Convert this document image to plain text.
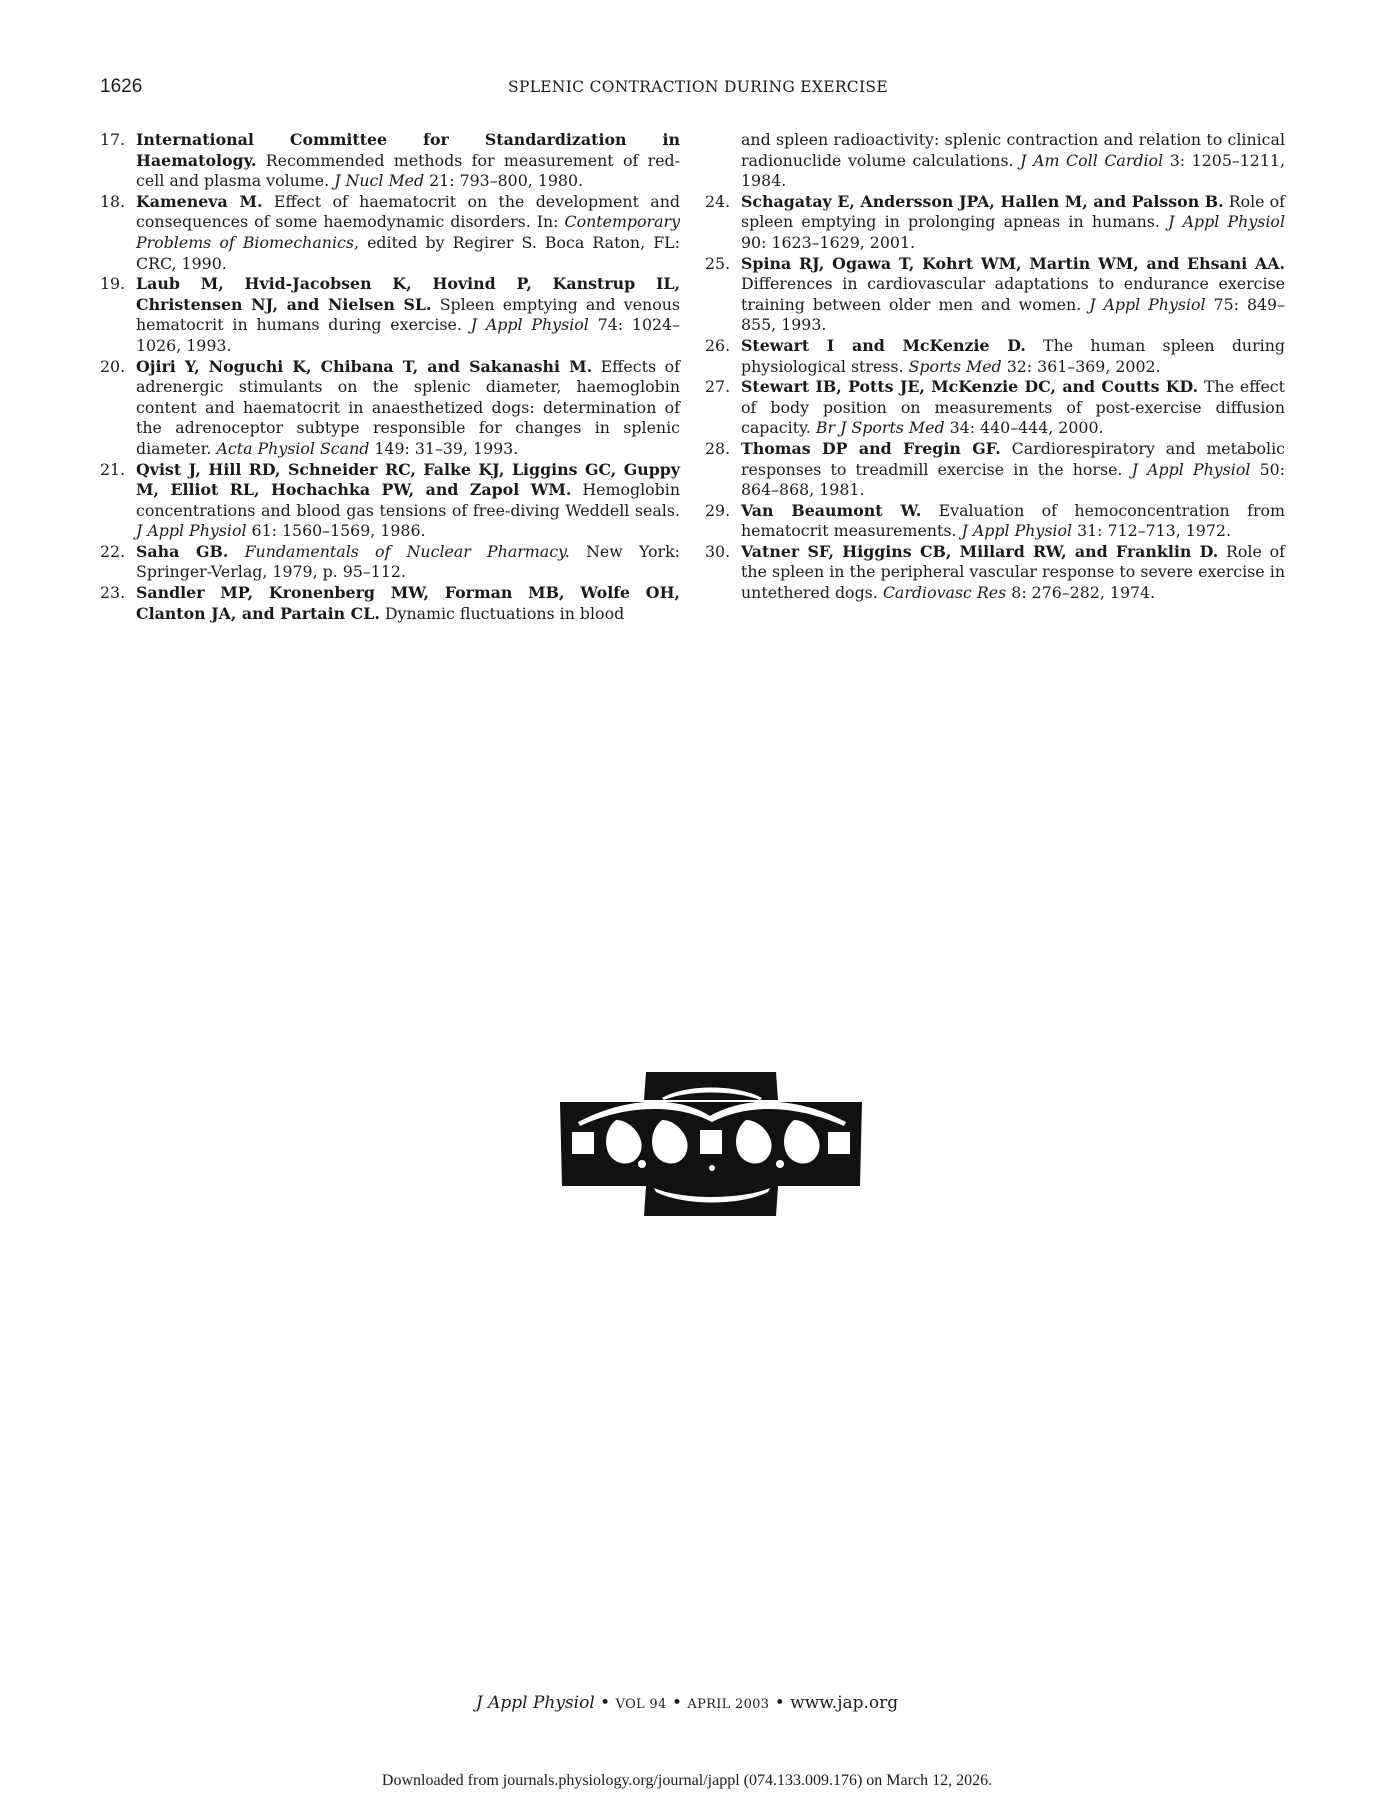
1626	SPLENIC CONTRACTION DURING EXERCISE

17. International Committee for Standardization in Haematology. Recommended methods for measurement of red-cell and plasma volume. J Nucl Med 21: 793–800, 1980.

18. Kameneva M. Effect of haematocrit on the development and consequences of some haemodynamic disorders. In: Contemporary Problems of Biomechanics, edited by Regirer S. Boca Raton, FL: CRC, 1990.

19. Laub M, Hvid-Jacobsen K, Hovind P, Kanstrup IL, Christensen NJ, and Nielsen SL. Spleen emptying and venous hematocrit in humans during exercise. J Appl Physiol 74: 1024–1026, 1993.

20. Ojiri Y, Noguchi K, Chibana T, and Sakanashi M. Effects of adrenergic stimulants on the splenic diameter, haemoglobin content and haematocrit in anaesthetized dogs: determination of the adrenoceptor subtype responsible for changes in splenic diameter. Acta Physiol Scand 149: 31–39, 1993.

21. Qvist J, Hill RD, Schneider RC, Falke KJ, Liggins GC, Guppy M, Elliot RL, Hochachka PW, and Zapol WM. Hemoglobin concentrations and blood gas tensions of free-diving Weddell seals. J Appl Physiol 61: 1560–1569, 1986.

22. Saha GB. Fundamentals of Nuclear Pharmacy. New York: Springer-Verlag, 1979, p. 95–112.

23. Sandler MP, Kronenberg MW, Forman MB, Wolfe OH, Clanton JA, and Partain CL. Dynamic fluctuations in blood

and spleen radioactivity: splenic contraction and relation to clinical radionuclide volume calculations. J Am Coll Cardiol 3: 1205–1211, 1984.

24. Schagatay E, Andersson JPA, Hallen M, and Palsson B. Role of spleen emptying in prolonging apneas in humans. J Appl Physiol 90: 1623–1629, 2001.

25. Spina RJ, Ogawa T, Kohrt WM, Martin WM, and Ehsani AA. Differences in cardiovascular adaptations to endurance exercise training between older men and women. J Appl Physiol 75: 849–855, 1993.

26. Stewart I and McKenzie D. The human spleen during physiological stress. Sports Med 32: 361–369, 2002.

27. Stewart IB, Potts JE, McKenzie DC, and Coutts KD. The effect of body position on measurements of post-exercise diffusion capacity. Br J Sports Med 34: 440–444, 2000.

28. Thomas DP and Fregin GF. Cardiorespiratory and metabolic responses to treadmill exercise in the horse. J Appl Physiol 50: 864–868, 1981.

29. Van Beaumont W. Evaluation of hemoconcentration from hematocrit measurements. J Appl Physiol 31: 712–713, 1972.

30. Vatner SF, Higgins CB, Millard RW, and Franklin D. Role of the spleen in the peripheral vascular response to severe exercise in untethered dogs. Cardiovasc Res 8: 276–282, 1974.

J Appl Physiol • VOL 94 • APRIL 2003 • www.jap.org
Downloaded from journals.physiology.org/journal/jappl (074.133.009.176) on March 12, 2026.
